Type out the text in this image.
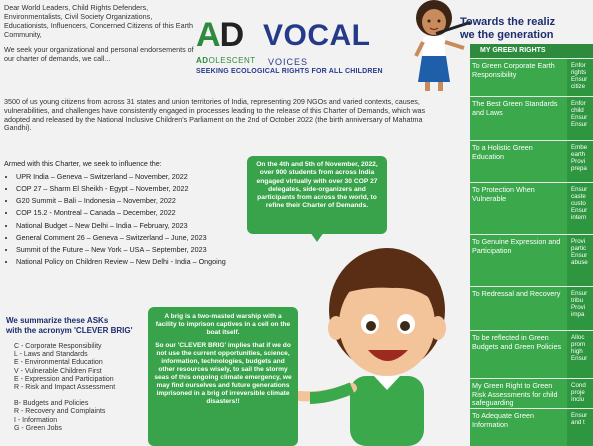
Dear World Leaders, Child Rights Defenders, Environmentalists, Civil Society Organizations, Educationists, Influencers, Concerned Citizens of this Earth Community,

We seek your organizational and personal endorsements of our charter of demands, we call...

3500 of us young citizens from across 31 states and union territories of India, representing 209 NGOs and varied contexts, causes, vulnerabilities, and challenges have consistently engaged in processes leading to the release of this Charter of Demands, which was adopted and released by the National Inclusive Children's Parliament on the 2nd of October 2022 (the birth anniversary of Mahatma Gandhi).
AD VOCAL
ADOLESCENT VOICES
SEEKING ECOLOGICAL RIGHTS FOR ALL CHILDREN
Armed with this Charter, we seek to influence the:
• UPR India – Geneva – Switzerland – November, 2022
• COP 27 – Sharm El Sheikh - Egypt – November, 2022
• G20 Summit – Bali – Indonesia – November, 2022
• COP 15.2 - Montreal – Canada – December, 2022
• National Budget – New Delhi – India – February, 2023
• General Comment 26 – Geneva – Switzerland – June, 2023
• Summit of the Future – New York – USA – September, 2023
• National Policy on Children Review – New Delhi - India – Ongoing
On the 4th and 5th of November, 2022, over 900 students from across India engaged virtually with over 30 COP 27 delegates, side-organizers and participants from across the world, to refine their Charter of Demands.
We summarize these ASKs
with the acronym 'CLEVER BRIG'
C - Corporate Responsibility
L - Laws and Standards
E - Environmental Education
V - Vulnerable Children First
E - Expression and Participation
R - Risk and Impact Assessment
B- Budgets and Policies
R - Recovery and Complaints
I - Information
G - Green Jobs

A brig is a two-masted warship with a facility to imprison captives in a cell on the boat itself.

So our 'CLEVER BRIG' implies that if we do not use the current opportunities, science, information, technologies, budgets and other resources wisely, to sail the stormy seas of this ongoing climate emergency, we may find ourselves and future generations imprisoned in a brig of irreversible climate disasters!!

Towards the realiz
we the generation
MY GREEN RIGHTS
To Green Corporate Earth Responsibility
Enfor rights Ensur citize
The Best Green Standards and Laws
Enfor child Ensur Ensur
To a Holistic Green Education
Embe earth Provi prepa
To Protection When Vulnerable
Ensur caste custo Ensur intern
To Genuine Expression and Participation
Provi partic Ensur abuse
To Redressal and Recovery	Ensur tribu Provi impa
To be reflected in Green Budgets and Green Policies
Alloc prom high Ensur
My Green Right to Green Risk Assessments for child safeguarding
Cond proje Inclu
To Adequate Green Information
Ensur and t
